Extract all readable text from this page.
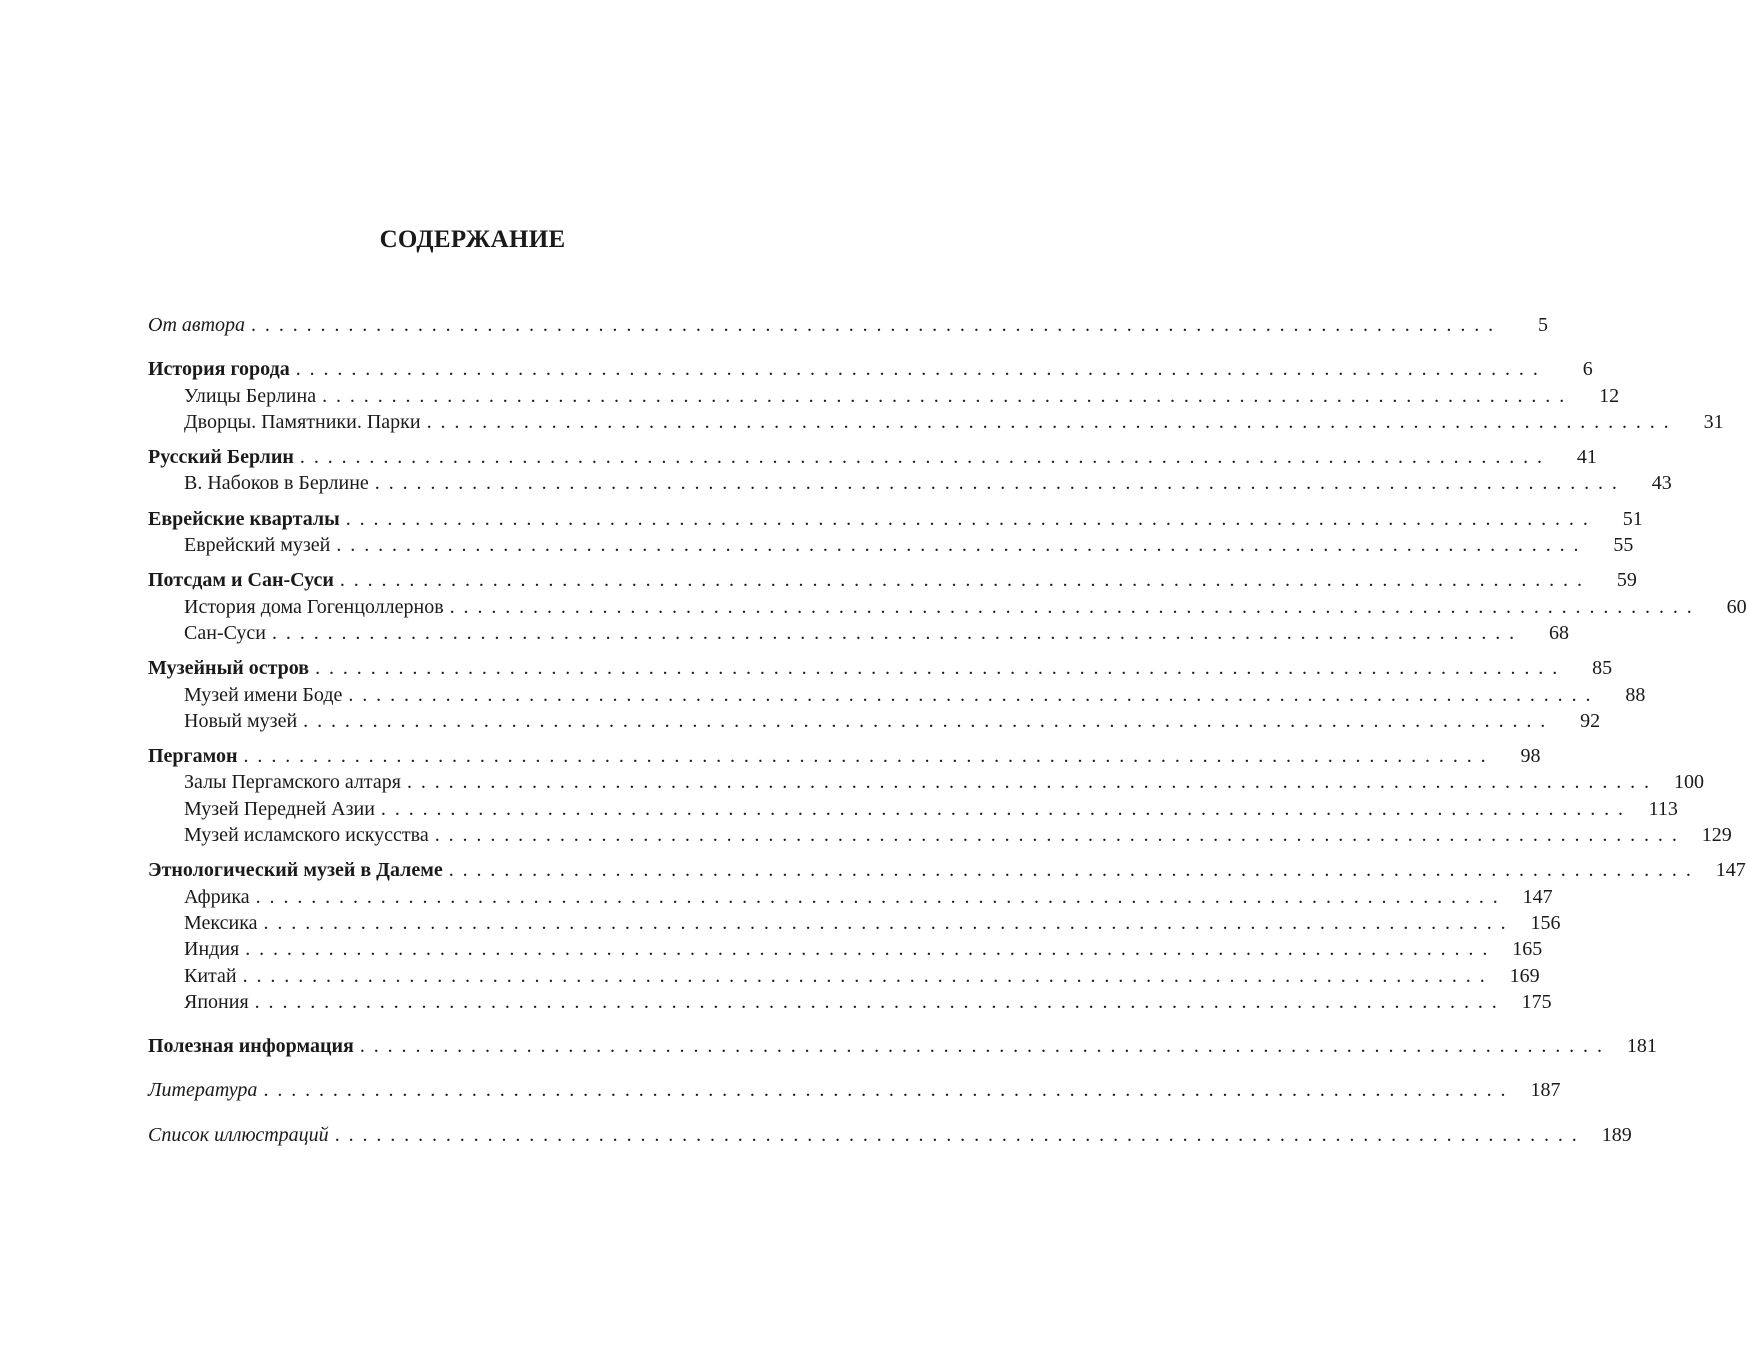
СОДЕРЖАНИЕ
От автора ..........................................................................................	5
История города ..........................................................................................	6
Улицы Берлина ..........................................................................................	12
Дворцы. Памятники. Парки ..........................................................................................	31
Русский Берлин ..........................................................................................	41
В. Набоков в Берлине ..........................................................................................	43
Еврейские кварталы ..........................................................................................	51
Еврейский музей ..........................................................................................	55
Потсдам и Сан-Суси ..........................................................................................	59
История дома Гогенцоллернов ..........................................................................................	60
Сан-Суси ..........................................................................................	68
Музейный остров ..........................................................................................	85
Музей имени Боде ..........................................................................................	88
Новый музей ..........................................................................................	92
Пергамон ..........................................................................................	98
Залы Пергамского алтаря .......................................................................................... 100
Музей Передней Азии .......................................................................................... 113
Музей исламского искусства .......................................................................................... 129
Этнологический музей в Далеме .......................................................................................... 147
Африка .......................................................................................... 147
Мексика .......................................................................................... 156
Индия .......................................................................................... 165
Китай .......................................................................................... 169
Япония .......................................................................................... 175
Полезная информация .......................................................................................... 181
Литература .......................................................................................... 187
Список иллюстраций .......................................................................................... 189
